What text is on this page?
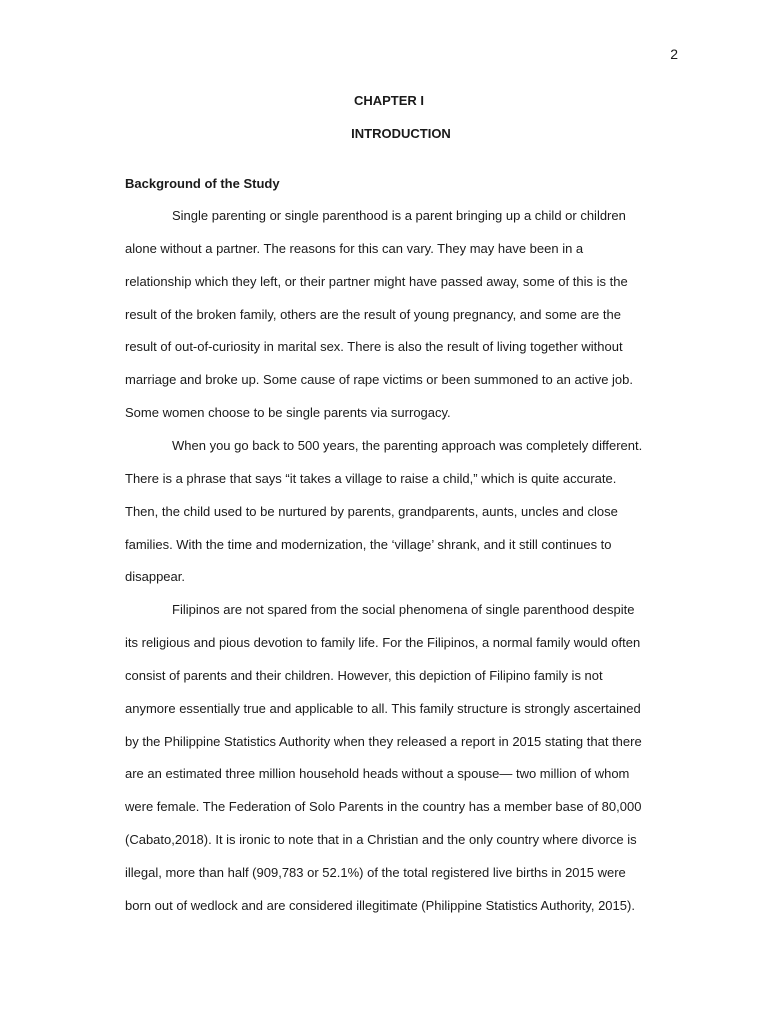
2
CHAPTER I
INTRODUCTION
Background of the Study
Single parenting or single parenthood is a parent bringing up a child or children
alone without a partner. The reasons for this can vary. They may have been in a
relationship which they left, or their partner might have passed away, some of this is the
result of the broken family, others are the result of young pregnancy, and some are the
result of out-of-curiosity in marital sex. There is also the result of living together without
marriage and broke up. Some cause of rape victims or been summoned to an active job.
Some women choose to be single parents via surrogacy.
When you go back to 500 years, the parenting approach was completely different.
There is a phrase that says “it takes a village to raise a child,” which is quite accurate.
Then, the child used to be nurtured by parents, grandparents, aunts, uncles and close
families. With the time and modernization, the ‘village’ shrank, and it still continues to
disappear.
Filipinos are not spared from the social phenomena of single parenthood despite
its religious and pious devotion to family life. For the Filipinos, a normal family would often
consist of parents and their children. However, this depiction of Filipino family is not
anymore essentially true and applicable to all. This family structure is strongly ascertained
by the Philippine Statistics Authority when they released a report in 2015 stating that there
are an estimated three million household heads without a spouse— two million of whom
were female. The Federation of Solo Parents in the country has a member base of 80,000
(Cabato,2018). It is ironic to note that in a Christian and the only country where divorce is
illegal, more than half (909,783 or 52.1%) of the total registered live births in 2015 were
born out of wedlock and are considered illegitimate (Philippine Statistics Authority, 2015).
